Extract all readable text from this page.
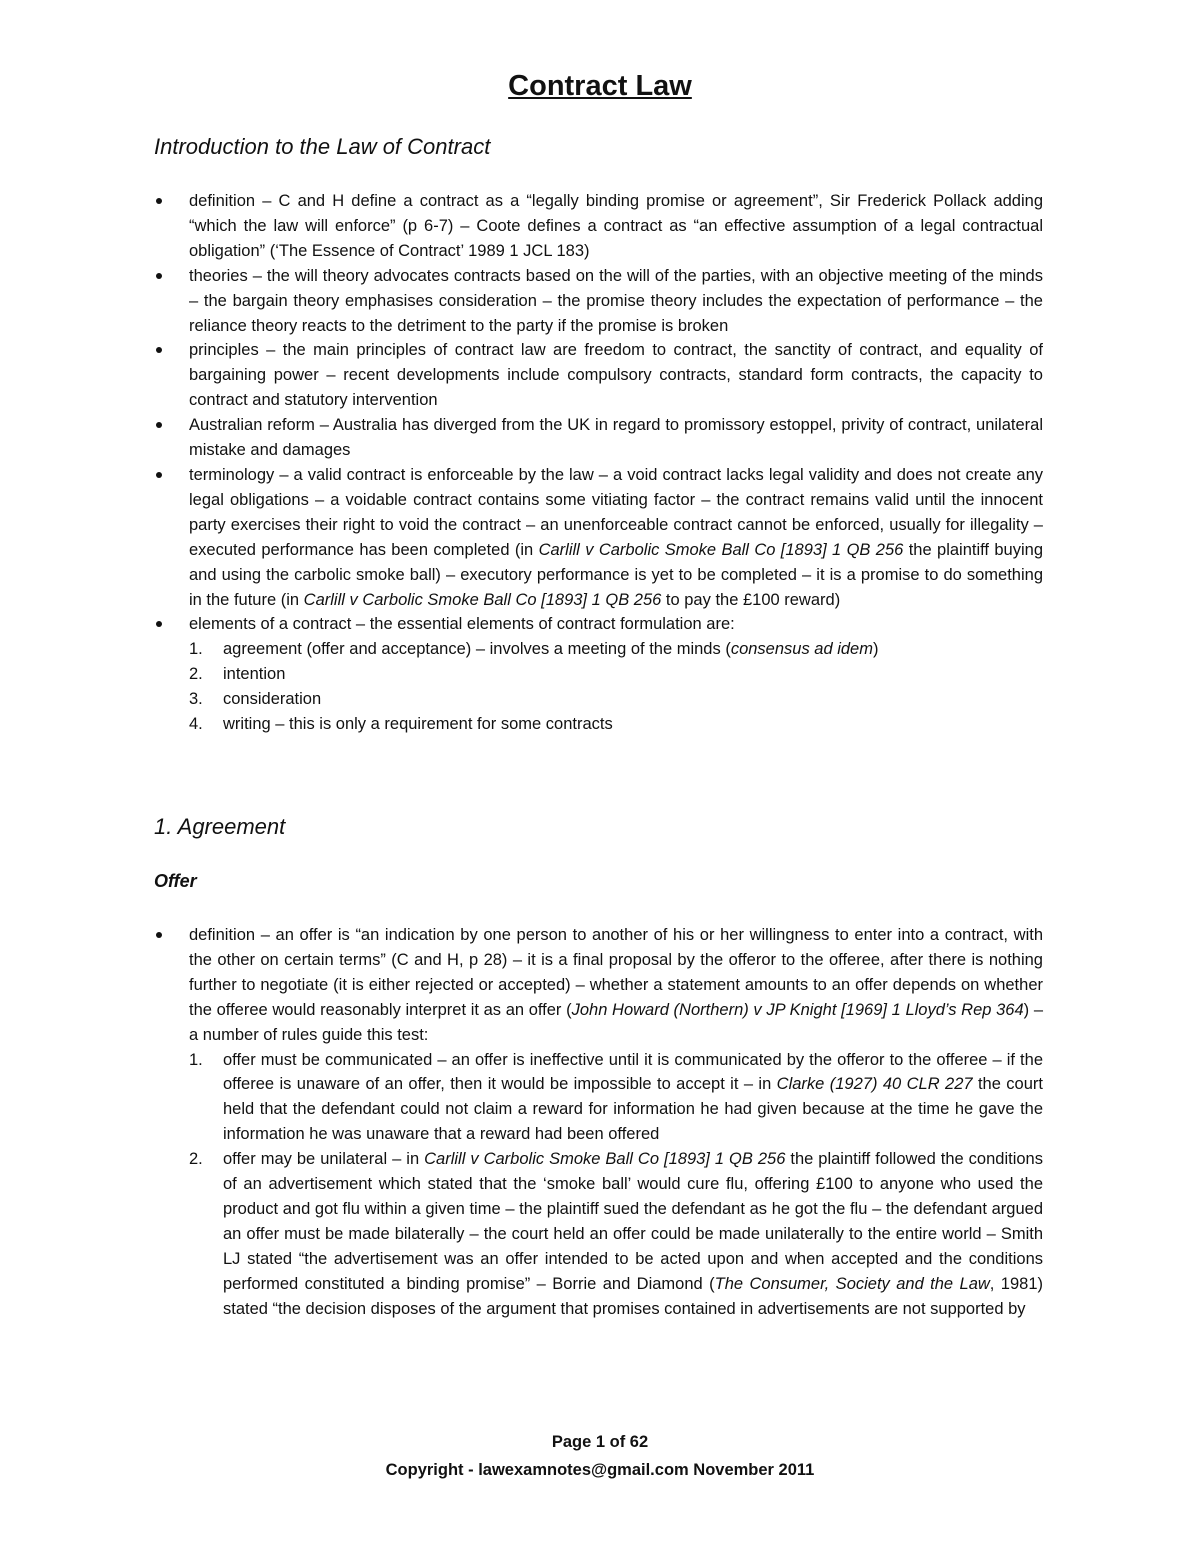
Contract Law
Introduction to the Law of Contract
definition – C and H define a contract as a “legally binding promise or agreement”, Sir Frederick Pollack adding “which the law will enforce” (p 6-7) – Coote defines a contract as “an effective assumption of a legal contractual obligation” (‘The Essence of Contract’ 1989 1 JCL 183)
theories – the will theory advocates contracts based on the will of the parties, with an objective meeting of the minds – the bargain theory emphasises consideration – the promise theory includes the expectation of performance – the reliance theory reacts to the detriment to the party if the promise is broken
principles – the main principles of contract law are freedom to contract, the sanctity of contract, and equality of bargaining power – recent developments include compulsory contracts, standard form contracts, the capacity to contract and statutory intervention
Australian reform – Australia has diverged from the UK in regard to promissory estoppel, privity of contract, unilateral mistake and damages
terminology – a valid contract is enforceable by the law – a void contract lacks legal validity and does not create any legal obligations – a voidable contract contains some vitiating factor – the contract remains valid until the innocent party exercises their right to void the contract – an unenforceable contract cannot be enforced, usually for illegality – executed performance has been completed (in Carlill v Carbolic Smoke Ball Co [1893] 1 QB 256 the plaintiff buying and using the carbolic smoke ball) – executory performance is yet to be completed – it is a promise to do something in the future (in Carlill v Carbolic Smoke Ball Co [1893] 1 QB 256 to pay the £100 reward)
elements of a contract – the essential elements of contract formulation are:
1. agreement (offer and acceptance) – involves a meeting of the minds (consensus ad idem)
2. intention
3. consideration
4. writing – this is only a requirement for some contracts
1. Agreement
Offer
definition – an offer is “an indication by one person to another of his or her willingness to enter into a contract, with the other on certain terms” (C and H, p 28) – it is a final proposal by the offeror to the offeree, after there is nothing further to negotiate (it is either rejected or accepted) – whether a statement amounts to an offer depends on whether the offeree would reasonably interpret it as an offer (John Howard (Northern) v JP Knight [1969] 1 Lloyd’s Rep 364) – a number of rules guide this test:
1. offer must be communicated – an offer is ineffective until it is communicated by the offeror to the offeree – if the offeree is unaware of an offer, then it would be impossible to accept it – in Clarke (1927) 40 CLR 227 the court held that the defendant could not claim a reward for information he had given because at the time he gave the information he was unaware that a reward had been offered
2. offer may be unilateral – in Carlill v Carbolic Smoke Ball Co [1893] 1 QB 256 the plaintiff followed the conditions of an advertisement which stated that the ‘smoke ball’ would cure flu, offering £100 to anyone who used the product and got flu within a given time – the plaintiff sued the defendant as he got the flu – the defendant argued an offer must be made bilaterally – the court held an offer could be made unilaterally to the entire world – Smith LJ stated “the advertisement was an offer intended to be acted upon and when accepted and the conditions performed constituted a binding promise” – Borrie and Diamond (The Consumer, Society and the Law, 1981) stated “the decision disposes of the argument that promises contained in advertisements are not supported by
Page 1 of 62
Copyright - lawexamnotes@gmail.com November 2011
